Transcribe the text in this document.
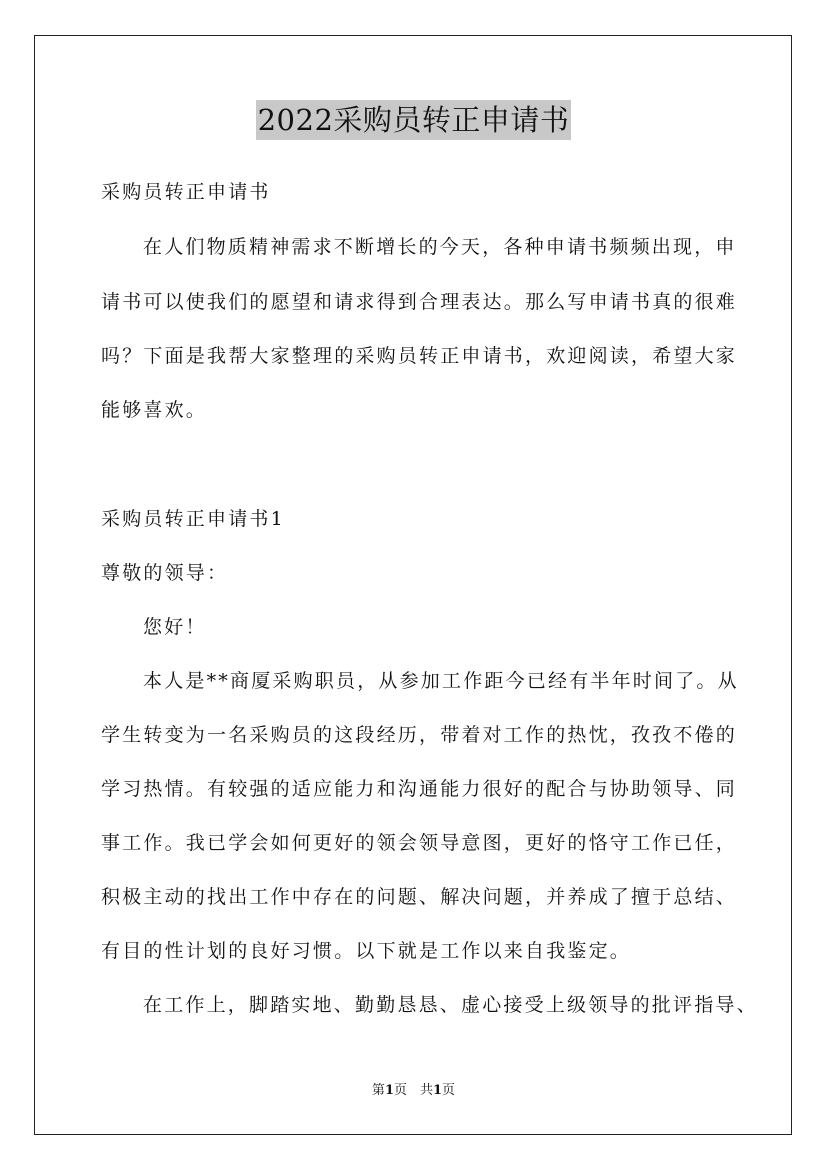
2022采购员转正申请书
采购员转正申请书
在人们物质精神需求不断增长的今天，各种申请书频频出现，申
请书可以使我们的愿望和请求得到合理表达。那么写申请书真的很难
吗？下面是我帮大家整理的采购员转正申请书，欢迎阅读，希望大家
能够喜欢。
采购员转正申请书1
尊敬的领导：
您好！
本人是**商厦采购职员，从参加工作距今已经有半年时间了。从
学生转变为一名采购员的这段经历，带着对工作的热忱，孜孜不倦的
学习热情。有较强的适应能力和沟通能力很好的配合与协助领导、同
事工作。我已学会如何更好的领会领导意图，更好的恪守工作已任，
积极主动的找出工作中存在的问题、解决问题，并养成了擅于总结、
有目的性计划的良好习惯。以下就是工作以来自我鉴定。
在工作上，脚踏实地、勤勤恳恳、虚心接受上级领导的批评指导、
第1页　共1页
